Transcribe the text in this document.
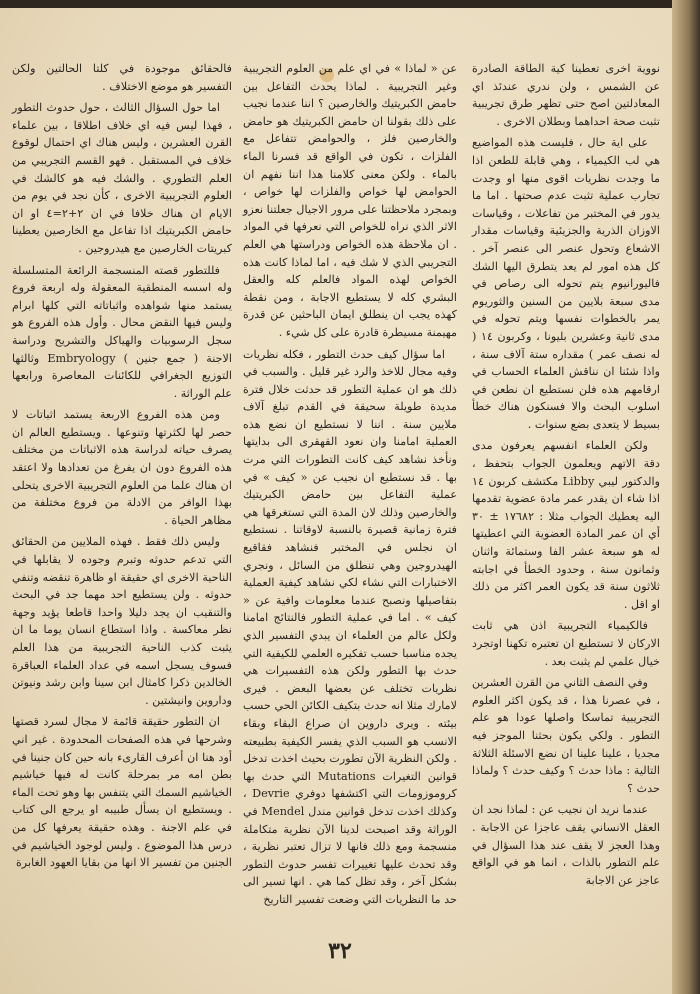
نووية اخرى تعطينا كية الطاقة الصادرة عن الشمس ، ولن ندري عندئذ اي المعادلتين اصح حتى تظهر طرق تجريبية تثبت صحة احداهما وبطلان الاخرى .

على اية حال ، فليست هذه المواضيع هي لب الكيمياء ، وهي قابلة للطعن اذا ما وجدت نظريات اقوى منها او وجدت تجارب عملية تثبت عدم صحتها . اما ما يدور في المختبر من تفاعلات ، وقياسات الاوزان الذرية والجزيئية وقياسات مقدار الاشعاع وتحول عنصر الى عنصر آخر . كل هذه امور لم يعد يتطرق اليها الشك فاليورانيوم يتم تحوله الى رصاص في مدى سبعة بلايين من السنين والثوريوم يمر بالخطوات نفسها ويتم تحوله في مدى ثانية وعشرين بليونا ، وكربون ١٤ ( له نصف عمر ) مقداره ستة آلاف سنة ، واذا شئنا ان نناقش العلماء الحساب في ارقامهم هذه فلن نستطيع ان نطعن في اسلوب البحث والا فسنكون هناك خطأ بسيط لا يتعدى بضع سنوات .

ولكن العلماء انفسهم يعرفون مدى دقة الاتهم ويعلمون الجواب بتحفظ ، والدكتور ليبي Libby مكتشف كربون ١٤ اذا شاء ان يقدر عمر مادة عضوية تقدمها اليه يعطيك الجواب مثلا : ١٧٦٨٢ ± ٣٠ أي ان عمر المادة العضوية التي اعطيتها له هو سبعة عشر الفا وستمائة واثنان وثمانون سنة ، وحدود الخطأ في اجابته ثلاثون سنة قد يكون العمر اكثر من ذلك او اقل .

فالكيمياء التجريبية اذن هي ثابت الاركان لا تستطيع ان تعتبره تكهنا اوتجرد خيال علمي لم يثبت بعد .

وفي النصف الثاني من القرن العشرين ، في عصرنا هذا ، قد يكون اكثر العلوم التجريبية تماسكا واصلها عودا هو علم التطور . ولكي يكون بحثنا الموجز فيه مجديا ، علينا علينا ان نضع الاسئلة الثلاثة التالية : ماذا حدث ؟ وكيف حدث ؟ ولماذا حدث ؟

عندما نريد ان نجيب عن : لماذا نجد ان العقل الانساني يقف عاجزا عن الاجابة . وهذا العجز لا يقف عند هذا السؤال في علم التطور بالذات ، انما هو في الواقع عاجز عن الاجابة

عن « لماذا » في اي علم من العلوم التجريبية وغير التجريبية . لماذا يحدث التفاعل بين حامض الكبريتيك والخارصين ؟ اننا عندما نجيب على ذلك بقولنا ان حامض الكبريتيك هو حامض والخارصين فلز ، والحوامض تتفاعل مع الفلزات ، تكون في الواقع قد فسرنا الماء بالماء . ولكن معنى كلامنا هذا اننا نفهم ان الحوامض لها خواص والفلزات لها خواص ، وبمجرد ملاحظتنا على مرور الاجيال جعلتنا نعزو الاثر الذي نراه للخواص التي نعرفها في المواد . ان ملاحظة هذه الخواص ودراستها هي العلم التجريبي الذي لا شك فيه ، اما لماذا كانت هذه الخواص لهذه المواد فالعلم كله والعقل البشري كله لا يستطيع الاجابة ، ومن نقطة كهذه يجب ان ينطلق ايمان الباحثين عن قدرة مهيمنة مسيطرة قادرة على كل شيء .

اما سؤال كيف حدث التطور ، فكله نظريات وفيه مجال للاخذ والرد غير قليل . والسبب في ذلك هو ان عملية التطور قد حدثت خلال فترة مديدة طويلة سحيقة في القدم تبلغ آلاف ملايين سنة . اننا لا نستطيع ان نضع هذه العملية امامنا وان نعود القهقرى الى بدايتها ونأخذ نشاهد كيف كانت التطورات التي مرت بها . قد نستطيع ان نجيب عن « كيف » في عملية التفاعل بين حامض الكبريتيك والخارصين وذلك لان المدة التي تستغرقها هي فترة زمانية قصيرة بالنسبة لاوقاتنا . نستطيع ان نجلس في المختبر فنشاهد فقاقيع الهيدروجين وهي تنطلق من السائل ، ونجري الاختبارات التي نشاء لكي نشاهد كيفية العملية بتفاصيلها ونصبح عندما معلومات وافية عن « كيف » . اما في عملية التطور فالنتائج امامنا ولكل عالم من العلماء ان يبدي التفسير الذي يجده مناسبا حسب تفكيره العلمي للكيفية التي حدث بها التطور ولكن هذه التفسيرات هي نظريات تختلف عن بعضها البعض . فيرى لامارك مثلا انه حدث بتكيف الكائن الحي حسب بيئته . ويرى داروين ان صراع البقاء وبقاء الانسب هو السبب الذي يفسر الكيفية بطبيعته . ولكن النظرية الآن تطورت بحيث اخذت تدخل قوانين التغيرات Mutations التي حدث بها كروموزومات التي اكتشفها دوفري Devrie ، وكذلك اخذت تدخل قوانين مندل Mendel في الوراثة وقد اصبحت لدينا الآن نظرية متكاملة منسجمة ومع ذلك فانها لا تزال تعتبر نظرية ، وقد تحدث عليها تغييرات تفسر حدوث التطور بشكل آخر ، وقد تظل كما هي . انها تسير الى حد ما النظريات التي وضعت تفسير التاريخ

فالحقائق موجودة في كلتا الحالتين ولكن التفسير هو موضع الاختلاف .

اما حول السؤال الثالث ، حول حدوث التطور ، فهذا ليس فيه اي خلاف اطلاقا ، بين علماء القرن العشرين ، وليس هناك اي احتمال لوقوع خلاف في المستقبل . فهو القسم التجريبي من العلم التطوري . والشك فيه هو كالشك في العلوم التجريبية الاخرى ، كأن نجد في يوم من الايام ان هناك خلافا في ان ٢+٢=٤ او ان حامض الكبريتيك اذا تفاعل مع الخارصين يعطينا كبريتات الخارصين مع هيدروجين .

فللتطور قصته المنسجمة الرائعة المتسلسلة وله اسسه المنطقية المعقولة وله اربعة فروع يستمد منها شواهده واثباتاته التي كلها ابرام وليس فيها النقض محال . وأول هذه الفروع هو سجل الرسوبيات والهياكل والتشريح ودراسة الاجنة ( جمع جنين ) Embryology وثالثها التوزيع الجغرافي للكائنات المعاصرة ورابعها علم الوراثة .

ومن هذه الفروع الاربعة يستمد اثباتات لا حصر لها لكثرتها وتنوعها . ويستطيع العالم ان يصرف حياته لدراسة هذه الاثباتات من مختلف هذه الفروع دون ان يفرغ من تعدادها ولا اعتقد ان هناك علما من العلوم التجريبية الاخرى يتحلى بهذا الوافر من الادلة من فروع مختلفة من مظاهر الحياة .

وليس ذلك فقط . فهذه الملايين من الحقائق التي تدعم حدوثه وتبرم وجوده لا يقابلها في الناحية الاخرى اي حقيقة او ظاهرة تنقضه وتنفي حدوثه . ولن يستطيع احد مهما جد في البحث والتنقيب ان يجد دليلا واحدا قاطعا يؤيد وجهة نظر معاكسة . واذا استطاع انسان يوما ما ان يثبت كذب الناحية التجريبية من هذا العلم فسوف يسجل اسمه في عداد العلماء العباقرة الخالدين ذكرا كامثال ابن سينا وابن رشد ونيوتن وداروين وانيشتين .

ان التطور حقيقة قائمة لا مجال لسرد قصتها وشرحها في هذه الصفحات المحدودة . غير اني أود هنا ان أعرف القارىء بانه حين كان جنينا في بطن امه مر بمرحلة كانت له فيها خياشيم الخياشيم السمك التي يتنفس بها وهو تحت الماء . ويستطيع ان يسأل طبيبه او يرجع الى كتاب في علم الاجنة . وهذه حقيقة يعرفها كل من درس هذا الموضوع . وليس لوجود الخياشيم في الجنين من تفسير الا انها من بقايا العهود الغابرة

٣٢
